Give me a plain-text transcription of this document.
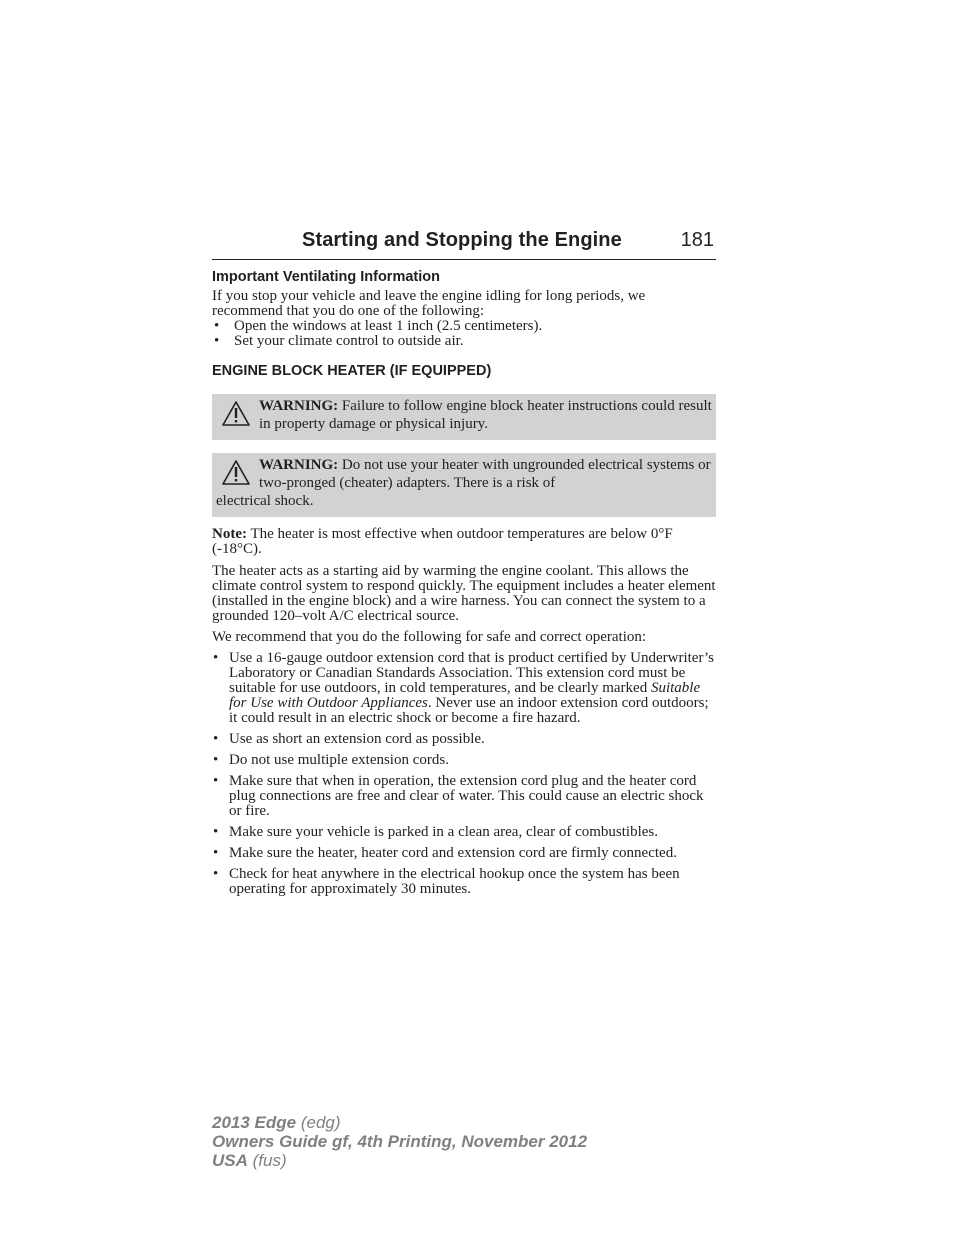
Starting and Stopping the Engine	181
Important Ventilating Information

If you stop your vehicle and leave the engine idling for long periods, we recommend that you do one of the following:

• Open the windows at least 1 inch (2.5 centimeters).
• Set your climate control to outside air.
ENGINE BLOCK HEATER (IF EQUIPPED)
WARNING: Failure to follow engine block heater instructions could result in property damage or physical injury.
WARNING: Do not use your heater with ungrounded electrical systems or two-pronged (cheater) adapters. There is a risk of
electrical shock.

Note: The heater is most effective when outdoor temperatures are below 0°F (-18°C).

The heater acts as a starting aid by warming the engine coolant. This allows the climate control system to respond quickly. The equipment includes a heater element (installed in the engine block) and a wire harness. You can connect the system to a grounded 120–volt A/C electrical source.

We recommend that you do the following for safe and correct operation:

• Use a 16-gauge outdoor extension cord that is product certified by Underwriter’s Laboratory or Canadian Standards Association. This extension cord must be suitable for use outdoors, in cold temperatures, and be clearly marked Suitable for Use with Outdoor Appliances. Never use an indoor extension cord outdoors; it could result in an electric shock or become a fire hazard.
• Use as short an extension cord as possible.
• Do not use multiple extension cords.
• Make sure that when in operation, the extension cord plug and the heater cord plug connections are free and clear of water. This could cause an electric shock or fire.
• Make sure your vehicle is parked in a clean area, clear of combustibles.
• Make sure the heater, heater cord and extension cord are firmly connected.
• Check for heat anywhere in the electrical hookup once the system has been operating for approximately 30 minutes.
2013 Edge (edg)
Owners Guide gf, 4th Printing, November 2012
USA (fus)
